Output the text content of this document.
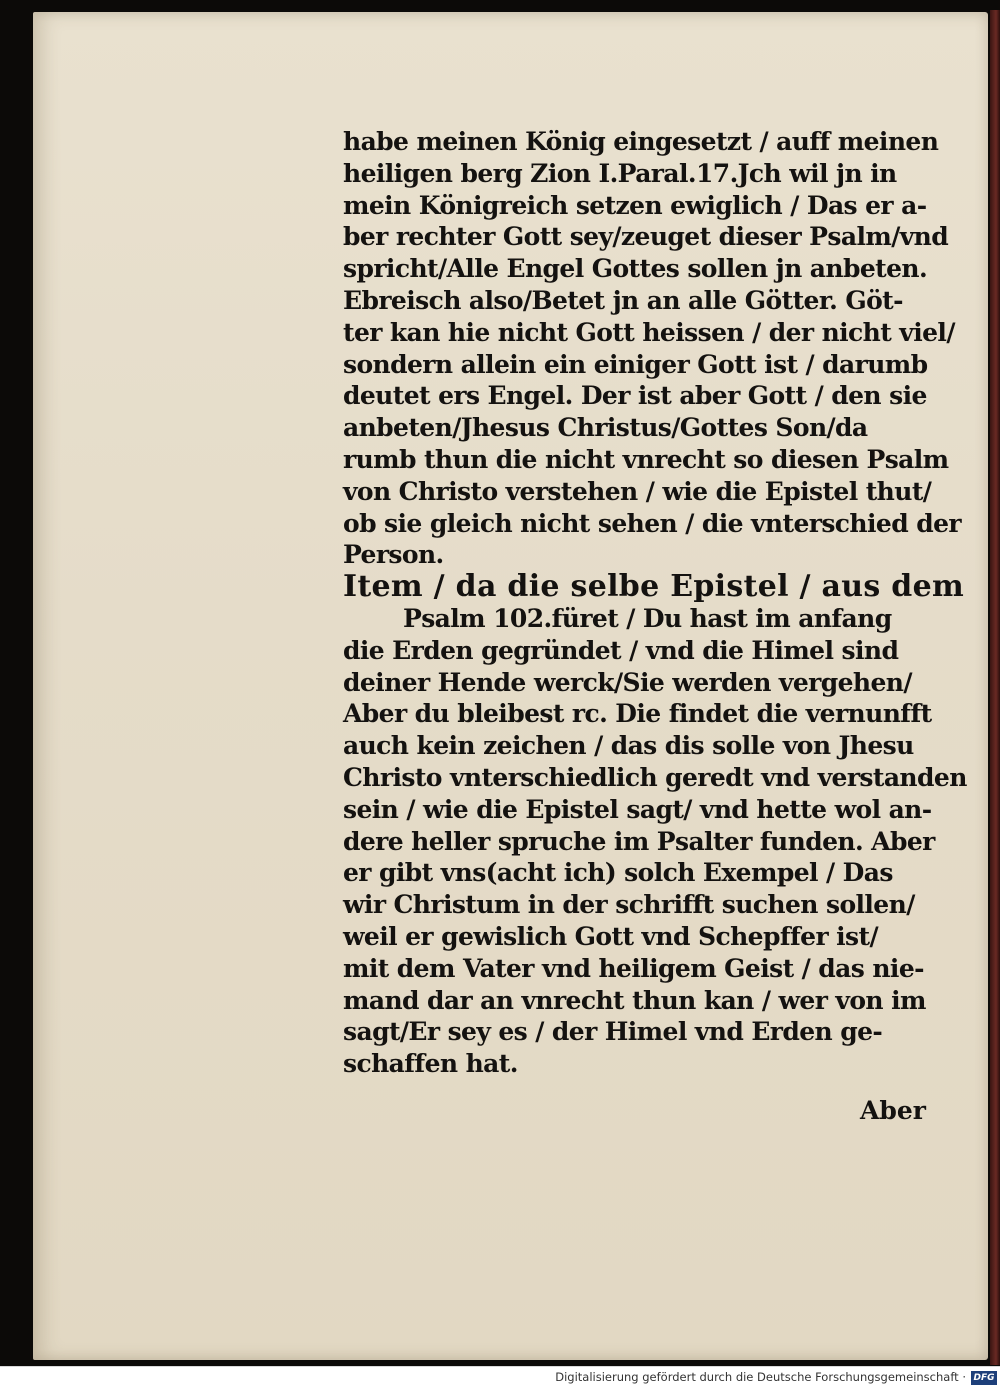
habe meinen König eingesetzt / auff meinen
heiligen berg Zion I.Paral.17.Jch wil jn in
mein Königreich setzen ewiglich / Das er a-
ber rechter Gott sey/zeuget dieser Psalm/vnd
spricht/Alle Engel Gottes sollen jn anbeten.
Ebreisch also/Betet jn an alle Götter. Göt-
ter kan hie nicht Gott heissen / der nicht viel/
sondern allein ein einiger Gott ist / darumb
deutet ers Engel. Der ist aber Gott / den sie
anbeten/Jhesus Christus/Gottes Son/da
rumb thun die nicht vnrecht so diesen Psalm
von Christo verstehen / wie die Epistel thut/
ob sie gleich nicht sehen / die vnterschied der
Person.
Item / da die selbe Epistel / aus dem
Psalm 102.füret / Du hast im anfang
die Erden gegründet / vnd die Himel sind
deiner Hende werck/Sie werden vergehen/
Aber du bleibest rc. Die findet die vernunfft
auch kein zeichen / das dis solle von Jhesu
Christo vnterschiedlich geredt vnd verstanden
sein / wie die Epistel sagt/ vnd hette wol an-
dere heller spruche im Psalter funden. Aber
er gibt vns(acht ich) solch Exempel / Das
wir Christum in der schrifft suchen sollen/
weil er gewislich Gott vnd Schepffer ist/
mit dem Vater vnd heiligem Geist / das nie-
mand dar an vnrecht thun kan / wer von im
sagt/Er sey es / der Himel vnd Erden ge-
schaffen hat.
Aber
Digitalisierung gefördert durch die Deutsche Forschungsgemeinschaft · DFG
